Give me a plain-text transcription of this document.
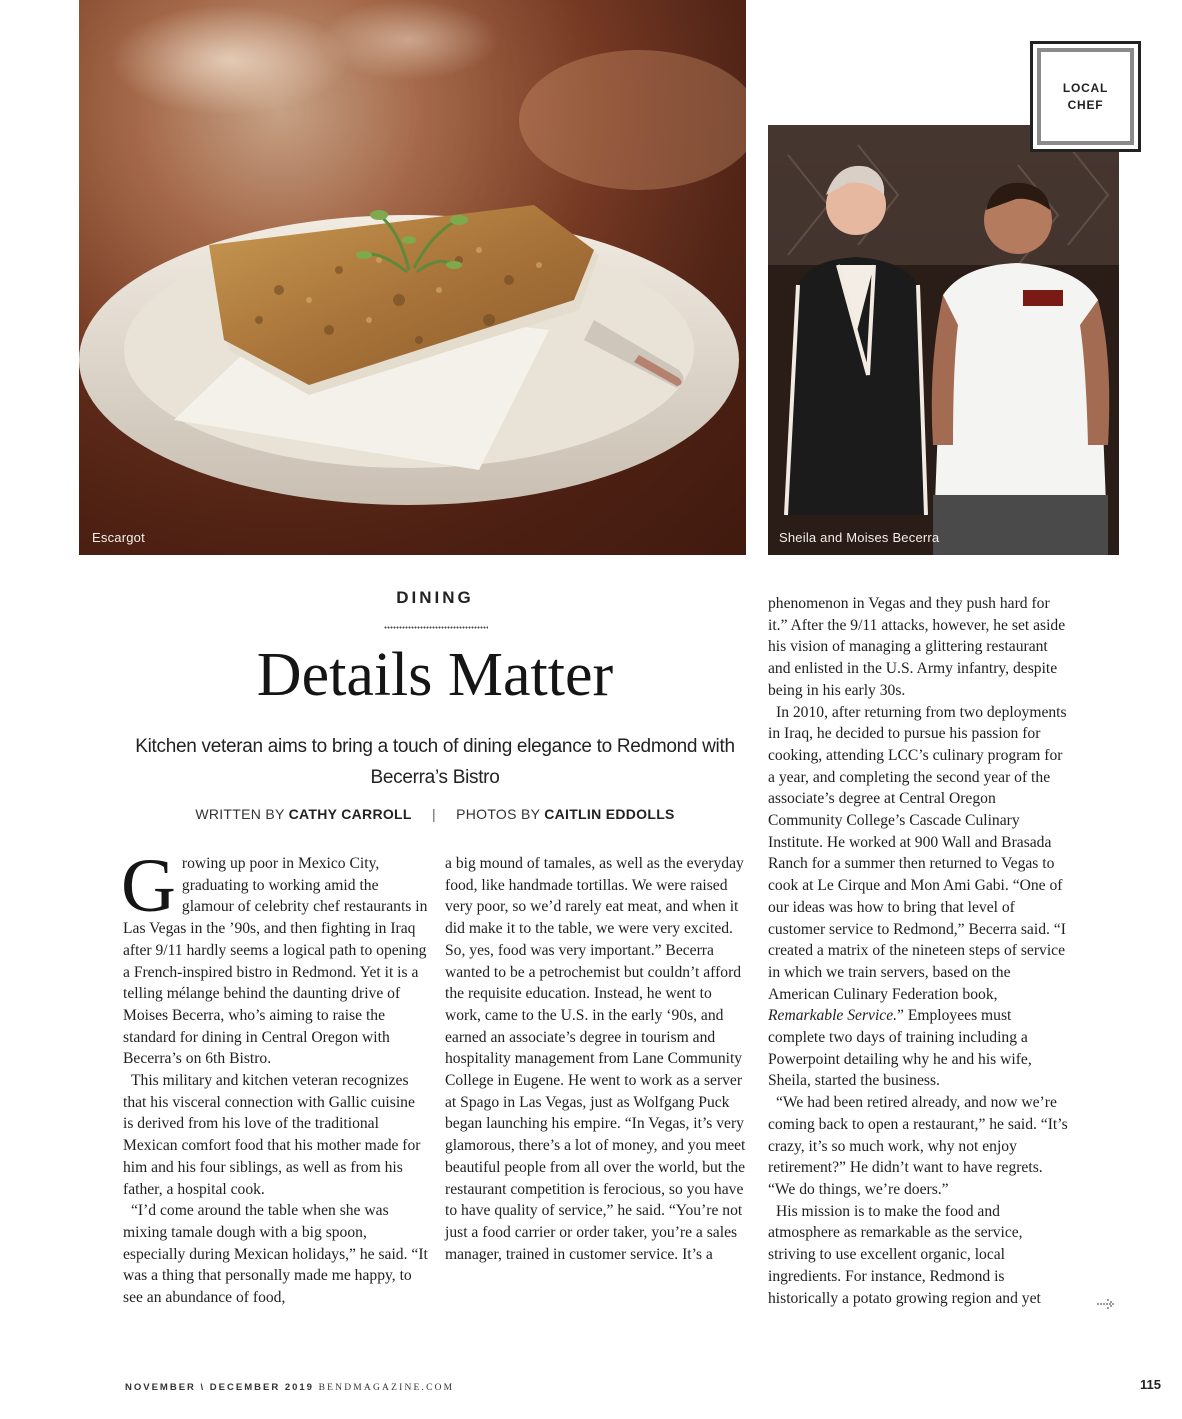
Escargot	Sheila and Moises Becerra
LOCAL
CHEF
DINING
Details Matter
Kitchen veteran aims to bring a touch of dining elegance to Redmond with Becerra’s Bistro
WRITTEN BY CATHY CARROLL | PHOTOS BY CAITLIN EDDOLLS

Growing up poor in Mexico City, graduating to working amid the glamour of celebrity chef restaurants in Las Vegas in the ’90s, and then fighting in Iraq after 9/11 hardly seems a logical path to opening a French-inspired bistro in Redmond. Yet it is a telling mélange behind the daunting drive of Moises Becerra, who’s aiming to raise the standard for dining in Central Oregon with Becerra’s on 6th Bistro.

This military and kitchen veteran recognizes that his visceral connection with Gallic cuisine is derived from his love of the traditional Mexican comfort food that his mother made for him and his four siblings, as well as from his father, a hospital cook.

“I’d come around the table when she was mixing tamale dough with a big spoon, especially during Mexican holidays,” he said. “It was a thing that personally made me happy, to see an abundance of food,

a big mound of tamales, as well as the everyday food, like handmade tortillas. We were raised very poor, so we’d rarely eat meat, and when it did make it to the table, we were very excited. So, yes, food was very important.” Becerra wanted to be a petrochemist but couldn’t afford the requisite education. Instead, he went to work, came to the U.S. in the early ‘90s, and earned an associate’s degree in tourism and hospitality management from Lane Community College in Eugene. He went to work as a server at Spago in Las Vegas, just as Wolfgang Puck began launching his empire. “In Vegas, it’s very glamorous, there’s a lot of money, and you meet beautiful people from all over the world, but the restaurant competition is ferocious, so you have to have quality of service,” he said. “You’re not just a food carrier or order taker, you’re a sales manager, trained in customer service. It’s a

phenomenon in Vegas and they push hard for it.” After the 9/11 attacks, however, he set aside his vision of managing a glittering restaurant and enlisted in the U.S. Army infantry, despite being in his early 30s.

In 2010, after returning from two deployments in Iraq, he decided to pursue his passion for cooking, attending LCC’s culinary program for a year, and completing the second year of the associate’s degree at Central Oregon Community College’s Cascade Culinary Institute. He worked at 900 Wall and Brasada Ranch for a summer then returned to Vegas to cook at Le Cirque and Mon Ami Gabi. “One of our ideas was how to bring that level of customer service to Redmond,” Becerra said. “I created a matrix of the nineteen steps of service in which we train servers, based on the American Culinary Federation book, Remarkable Service.” Employees must complete two days of training including a Powerpoint detailing why he and his wife, Sheila, started the business.

“We had been retired already, and now we’re coming back to open a restaurant,” he said. “It’s crazy, it’s so much work, why not enjoy retirement?” He didn’t want to have regrets. “We do things, we’re doers.”

His mission is to make the food and atmosphere as remarkable as the service, striving to use excellent organic, local ingredients. For instance, Redmond is historically a potato growing region and yet

NOVEMBER \ DECEMBER 2019 BENDMAGAZINE.COM	115
